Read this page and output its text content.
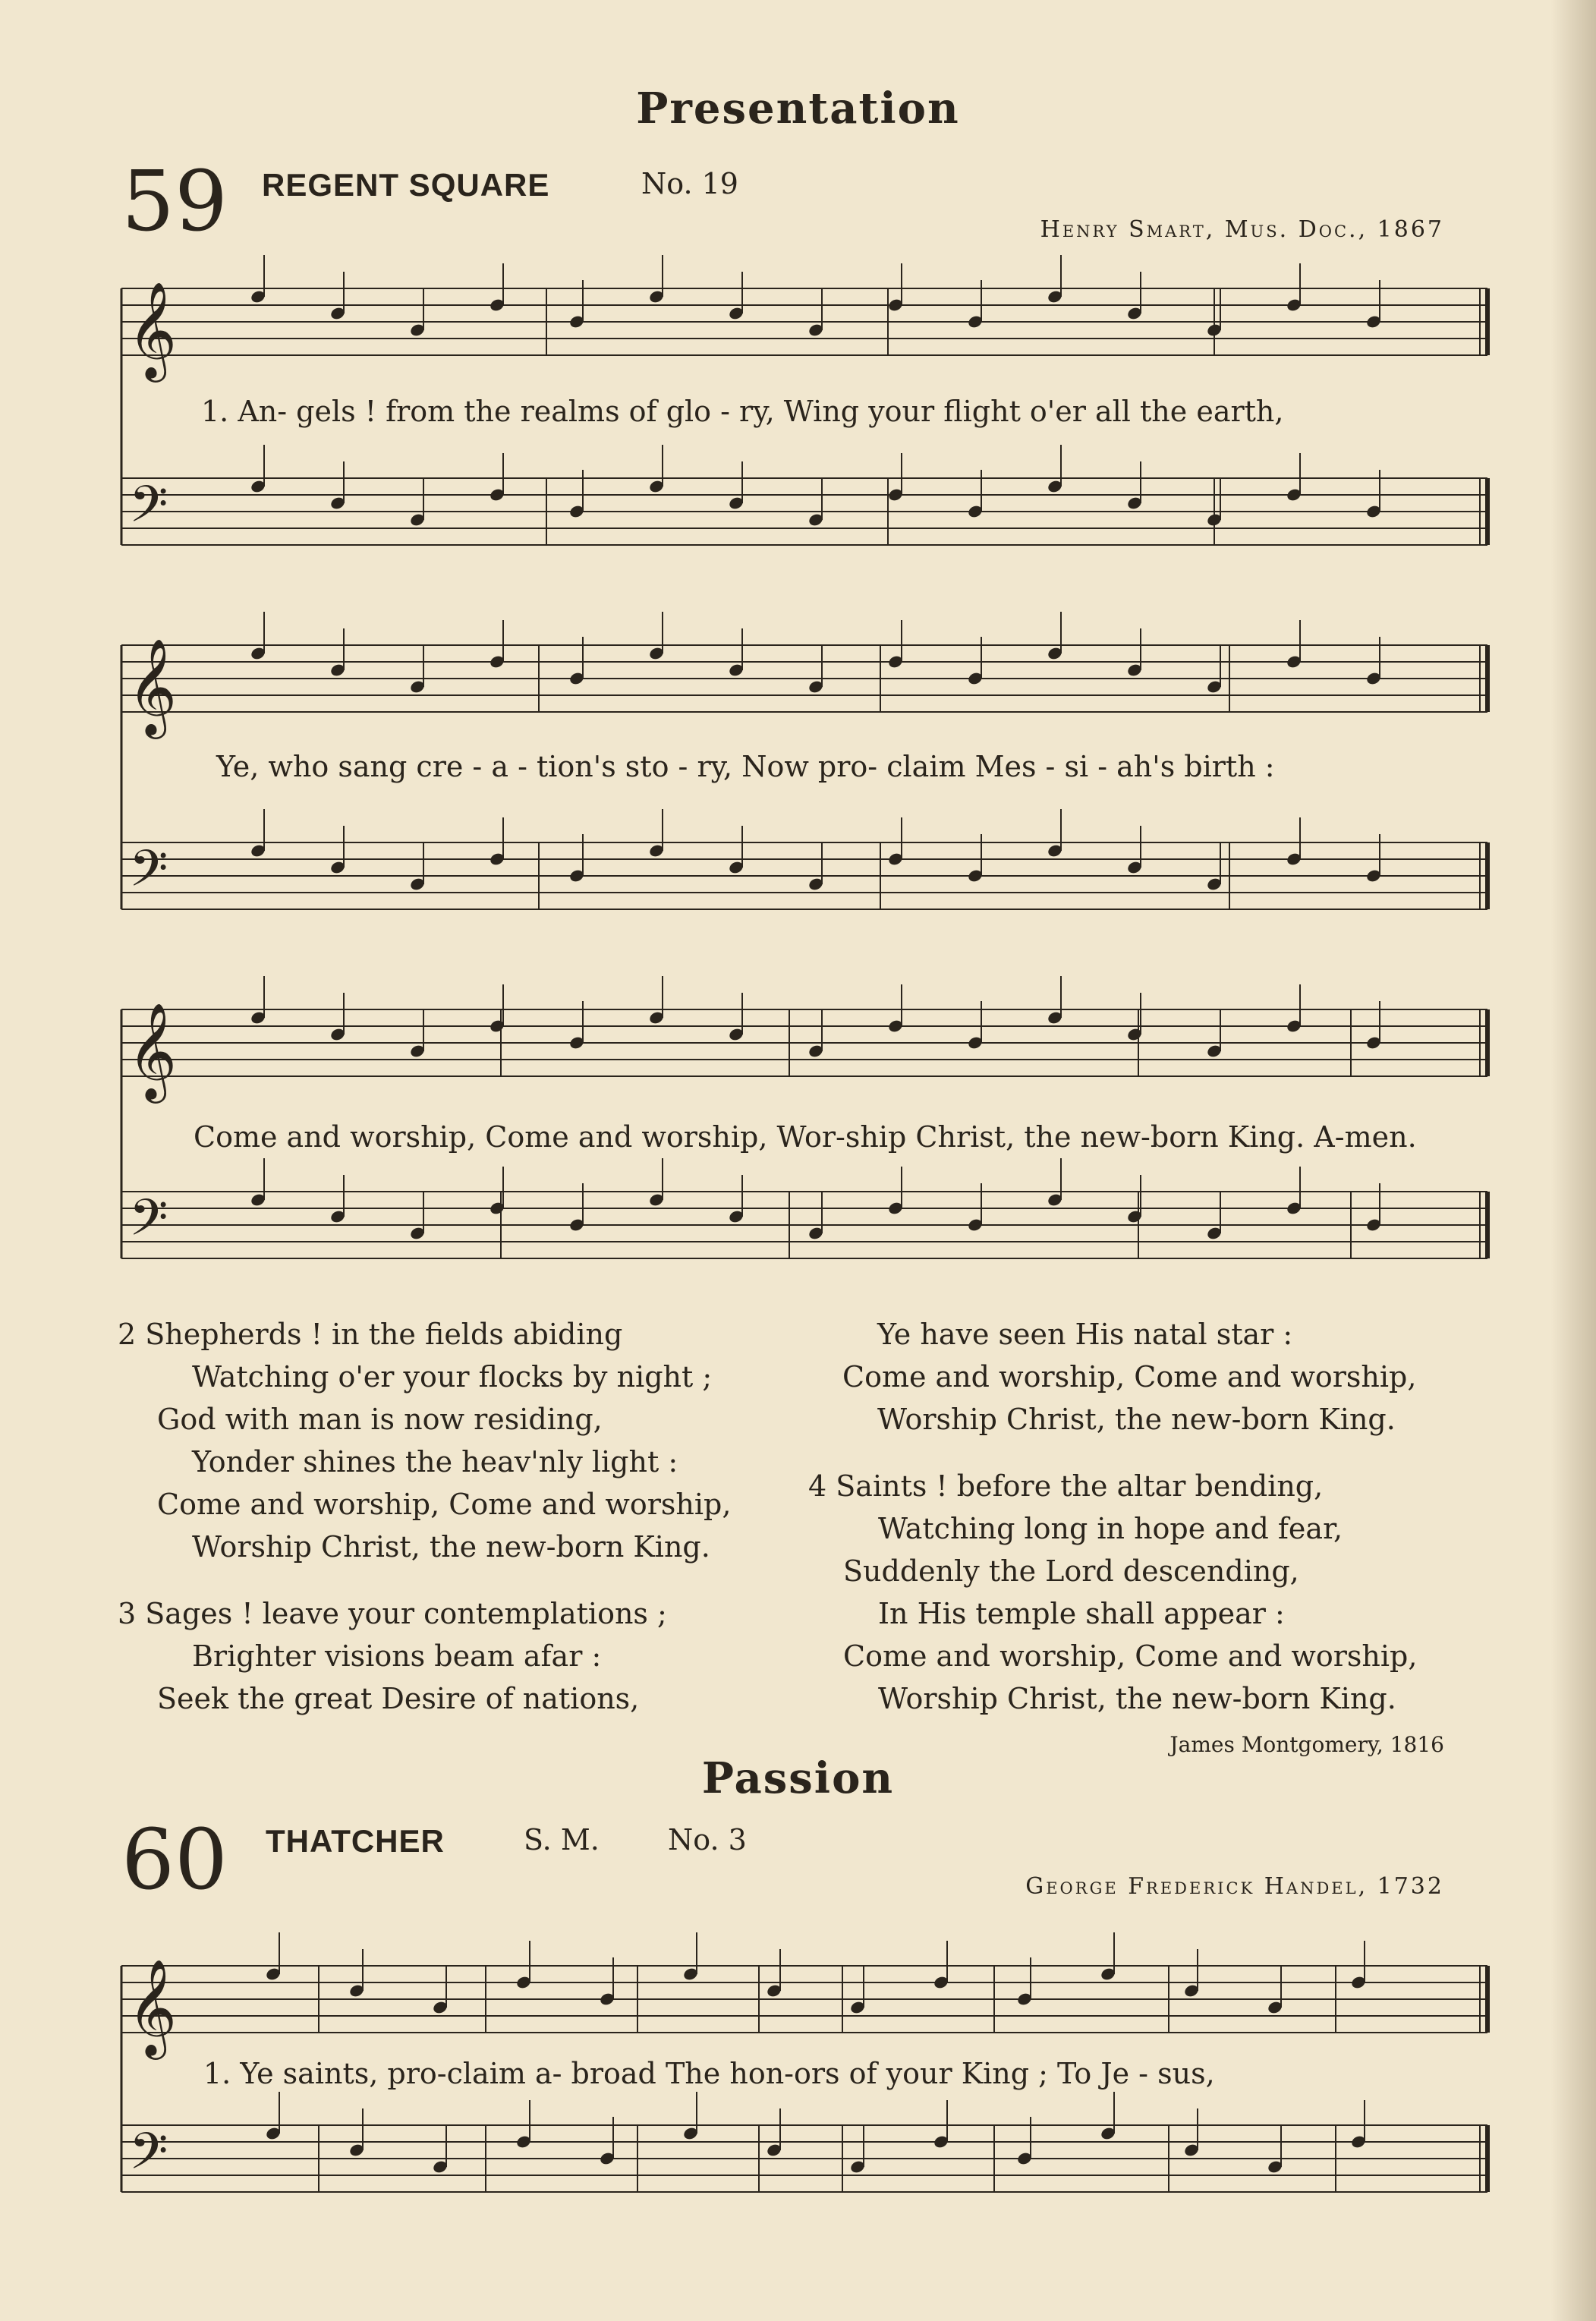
Presentation
59 REGENT SQUARE	No. 19
Henry Smart, Mus. Doc., 1867
𝄞
𝄢
𝄞
𝄢
𝄞
𝄢
𝄞
𝄢
1. An- gels ! from the realms of glo - ry, Wing your flight o'er all the earth,
Ye, who sang cre - a - tion's sto - ry, Now pro- claim Mes - si - ah's birth :
Come and worship, Come and worship, Wor-ship Christ, the new-born King. A-men.
2 Shepherds ! in the fields abiding
Watching o'er your flocks by night ;
God with man is now residing,
Yonder shines the heav'nly light :
Come and worship, Come and worship,
Worship Christ, the new-born King.
3 Sages ! leave your contemplations ;
Brighter visions beam afar :
Seek the great Desire of nations,
Ye have seen His natal star :
Come and worship, Come and worship,
Worship Christ, the new-born King.
4 Saints ! before the altar bending,
Watching long in hope and fear,
Suddenly the Lord descending,
In His temple shall appear :
Come and worship, Come and worship,
Worship Christ, the new-born King.
James Montgomery, 1816
Passion
60 THATCHER	S. M. No. 3
George Frederick Handel, 1732
1. Ye saints, pro-claim a- broad The hon-ors of your King ; To Je - sus,
